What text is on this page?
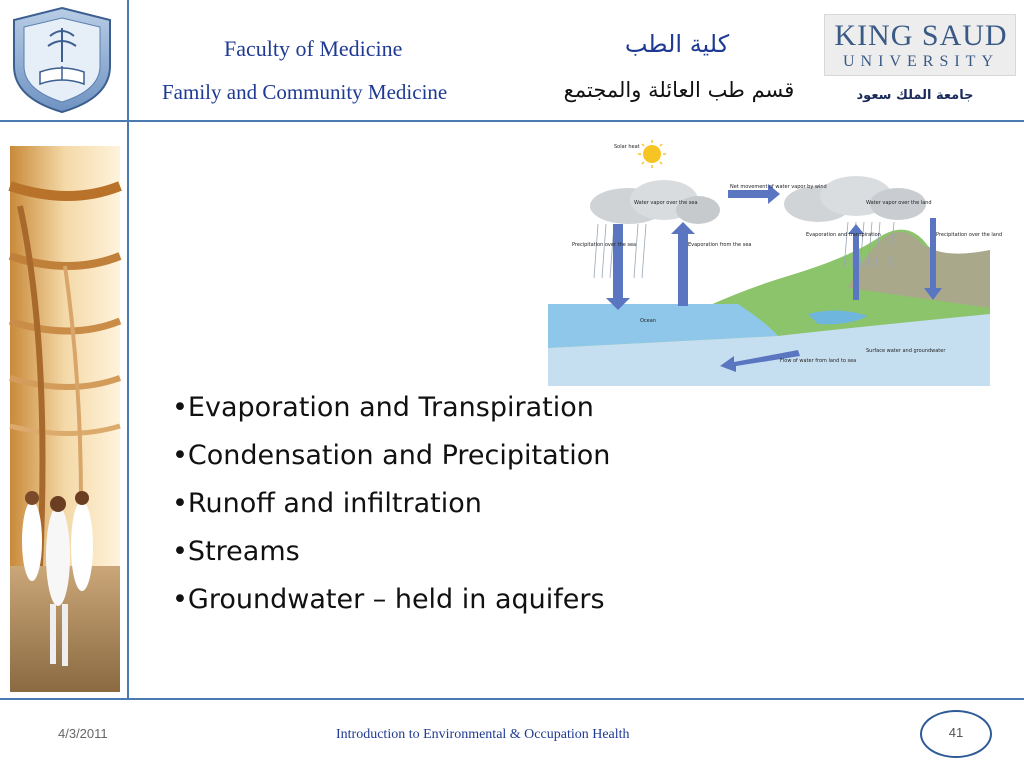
Faculty of Medicine
Family and Community Medicine
كلية الطب
قسم طب العائلة والمجتمع
KING SAUD
UNIVERSITY
جامعة الملك سعود
Solar heat
Water vapor over the sea
Net movement of water vapor by wind
Water vapor over the land
Precipitation over the sea	Evaporation from the sea
Evaporation and transpiration	Precipitation over the land
Ocean
Flow of water from land to sea
Surface water and groundwater
•Evaporation and Transpiration
•Condensation and Precipitation
•Runoff and infiltration
•Streams
•Groundwater – held in aquifers
4/3/2011	Introduction to Environmental & Occupation Health	41
